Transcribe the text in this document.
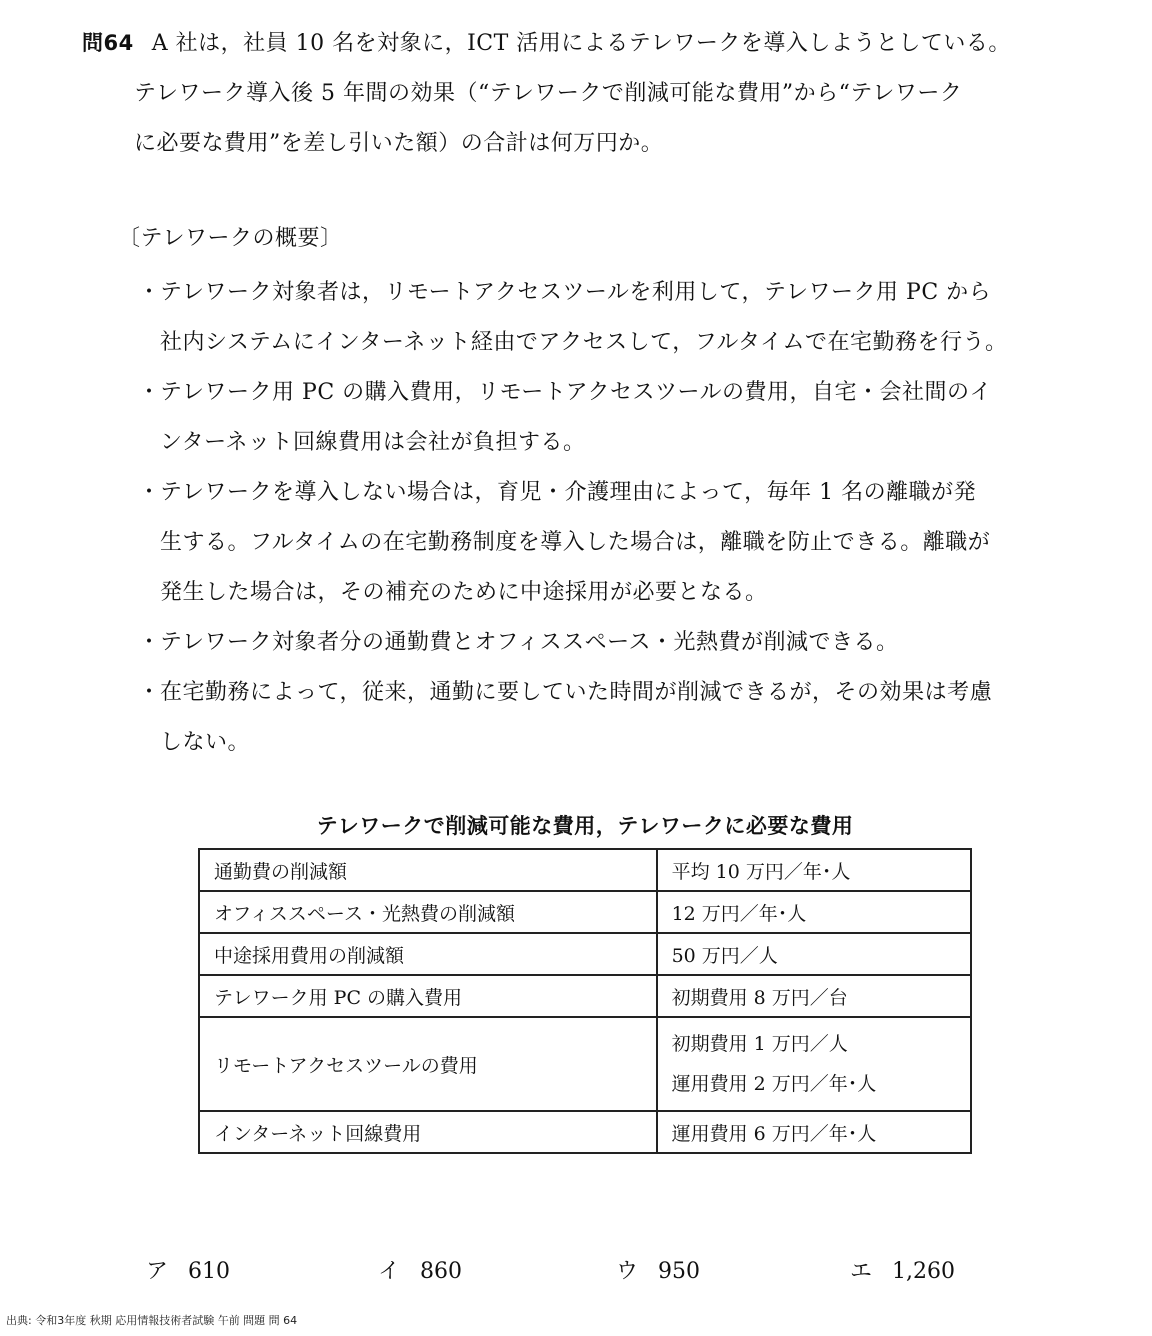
問64 A 社は，社員 10 名を対象に，ICT 活用によるテレワークを導入しようとしている。
テレワーク導入後 5 年間の効果（“テレワークで削減可能な費用”から“テレワーク
に必要な費用”を差し引いた額）の合計は何万円か。
〔テレワークの概要〕
・ テレワーク対象者は，リモートアクセスツールを利用して，テレワーク用 PC から
社内システムにインターネット経由でアクセスして，フルタイムで在宅勤務を行う。
・ テレワーク用 PC の購入費用，リモートアクセスツールの費用，自宅・会社間のイ
ンターネット回線費用は会社が負担する。
・ テレワークを導入しない場合は，育児・介護理由によって，毎年 1 名の離職が発
生する。フルタイムの在宅勤務制度を導入した場合は，離職を防止できる。離職が
発生した場合は，その補充のために中途採用が必要となる。
・ テレワーク対象者分の通勤費とオフィススペース・光熱費が削減できる。
・ 在宅勤務によって，従来，通勤に要していた時間が削減できるが，その効果は考慮
しない。
テレワークで削減可能な費用，テレワークに必要な費用
通勤費の削減額	平均 10 万円／年･人
オフィススペース・光熱費の削減額	12 万円／年･人
中途採用費用の削減額	50 万円／人
テレワーク用 PC の購入費用	初期費用 8 万円／台
リモートアクセスツールの費用	初期費用 1 万円／人
運用費用 2 万円／年･人

インターネット回線費用	運用費用 6 万円／年･人
ア 610	イ 860	ウ 950	エ 1,260
出典: 令和3年度 秋期 応用情報技術者試験 午前 問題 問 64
